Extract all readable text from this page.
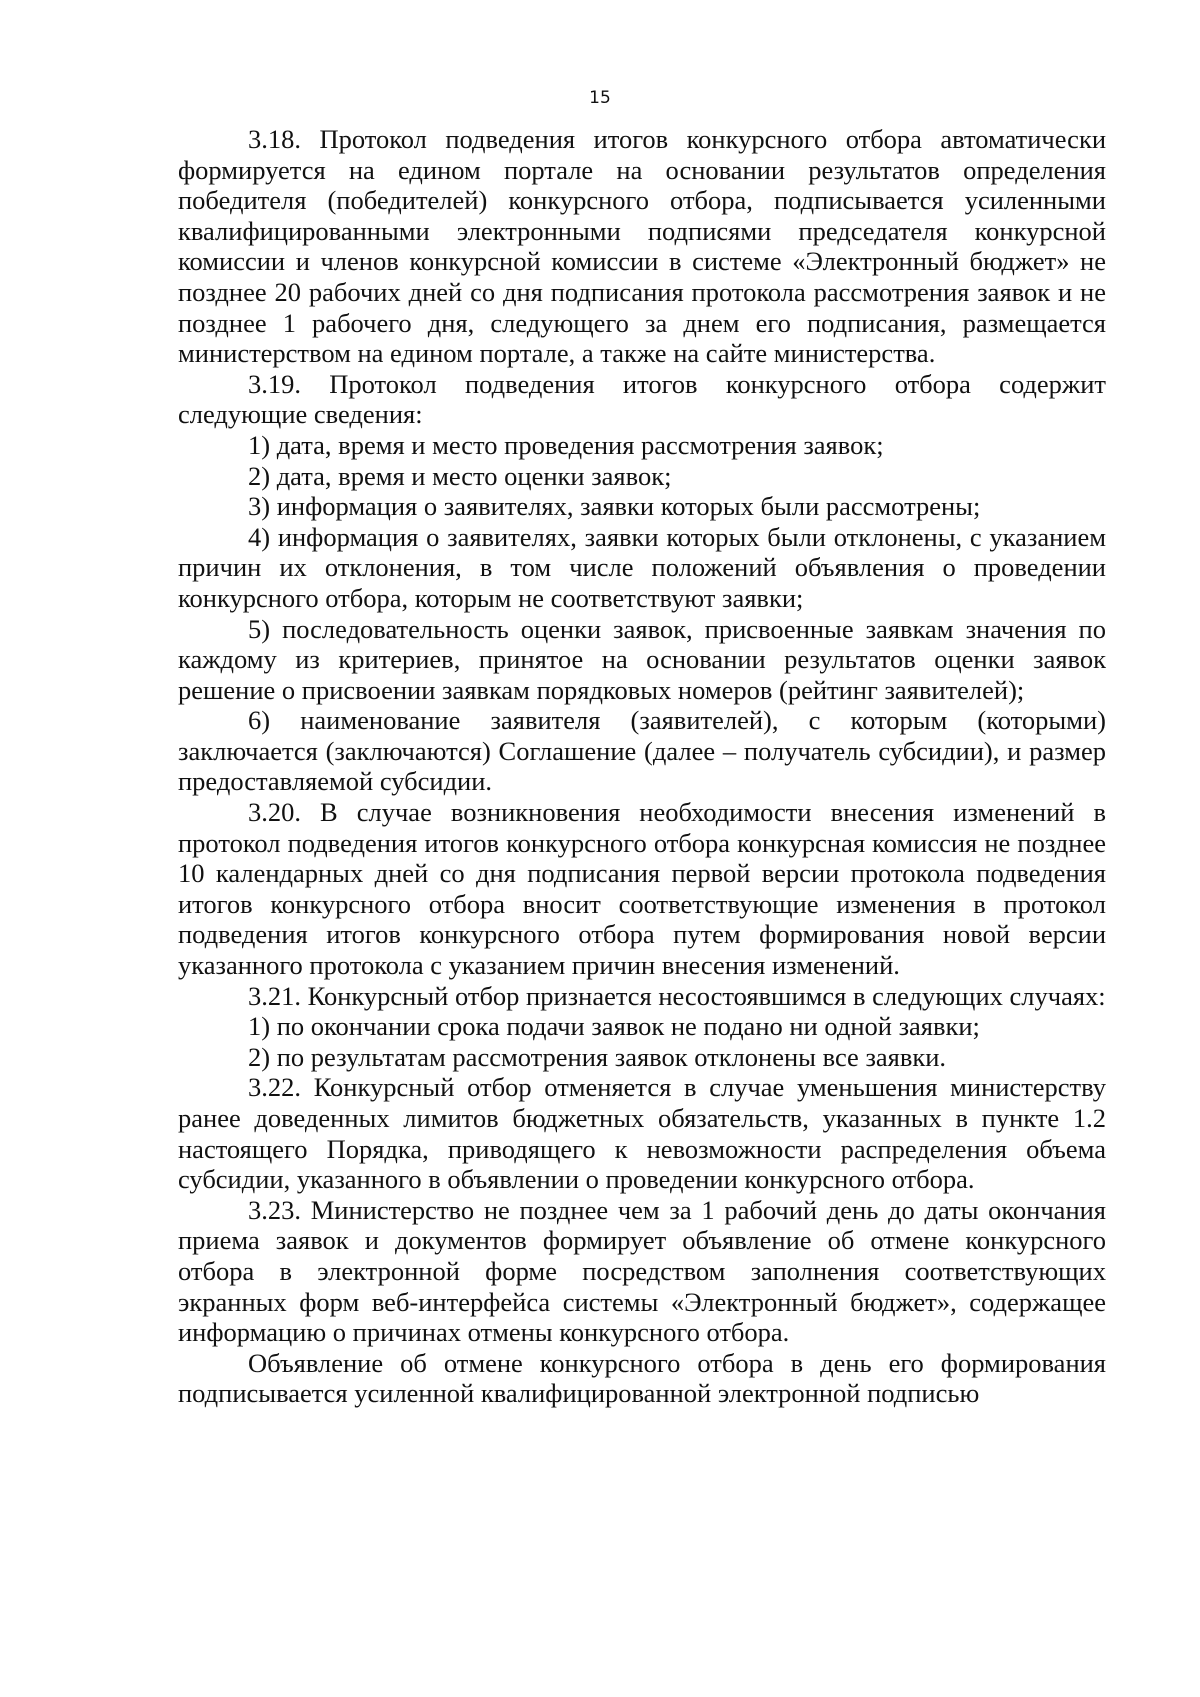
15

3.18. Протокол подведения итогов конкурсного отбора автоматически формируется на едином портале на основании результатов определения победителя (победителей) конкурсного отбора, подписывается усиленными квалифицированными электронными подписями председателя конкурсной комиссии и членов конкурсной комиссии в системе «Электронный бюджет» не позднее 20 рабочих дней со дня подписания протокола рассмотрения заявок и не позднее 1 рабочего дня, следующего за днем его подписания, размещается министерством на едином портале, а также на сайте министерства.

3.19. Протокол подведения итогов конкурсного отбора содержит следующие сведения:

1) дата, время и место проведения рассмотрения заявок;

2) дата, время и место оценки заявок;

3) информация о заявителях, заявки которых были рассмотрены;

4) информация о заявителях, заявки которых были отклонены, с указанием причин их отклонения, в том числе положений объявления о проведении конкурсного отбора, которым не соответствуют заявки;

5) последовательность оценки заявок, присвоенные заявкам значения по каждому из критериев, принятое на основании результатов оценки заявок решение о присвоении заявкам порядковых номеров (рейтинг заявителей);

6) наименование заявителя (заявителей), с которым (которыми) заключается (заключаются) Соглашение (далее – получатель субсидии), и размер предоставляемой субсидии.

3.20. В случае возникновения необходимости внесения изменений в протокол подведения итогов конкурсного отбора конкурсная комиссия не позднее 10 календарных дней со дня подписания первой версии протокола подведения итогов конкурсного отбора вносит соответствующие изменения в протокол подведения итогов конкурсного отбора путем формирования новой версии указанного протокола с указанием причин внесения изменений.

3.21. Конкурсный отбор признается несостоявшимся в следующих случаях:

1) по окончании срока подачи заявок не подано ни одной заявки;

2) по результатам рассмотрения заявок отклонены все заявки.

3.22. Конкурсный отбор отменяется в случае уменьшения министерству ранее доведенных лимитов бюджетных обязательств, указанных в пункте 1.2 настоящего Порядка, приводящего к невозможности распределения объема субсидии, указанного в объявлении о проведении конкурсного отбора.

3.23. Министерство не позднее чем за 1 рабочий день до даты окончания приема заявок и документов формирует объявление об отмене конкурсного отбора в электронной форме посредством заполнения соответствующих экранных форм веб-интерфейса системы «Электронный бюджет», содержащее информацию о причинах отмены конкурсного отбора.

Объявление об отмене конкурсного отбора в день его формирования подписывается усиленной квалифицированной электронной подписью
